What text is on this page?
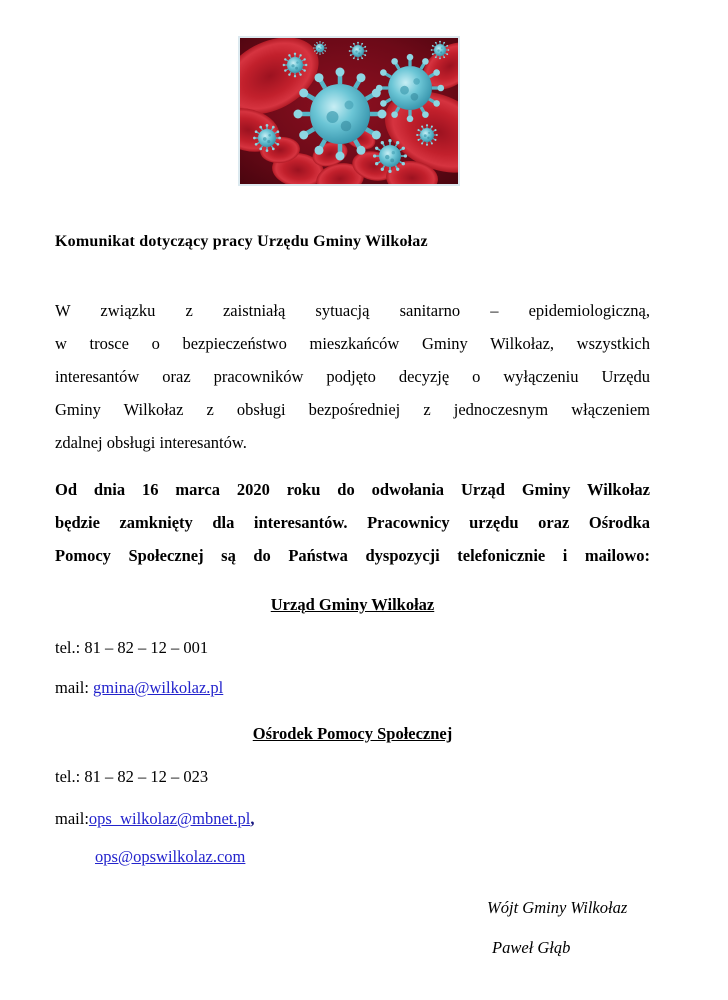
Komunikat dotyczący pracy Urzędu Gminy Wilkołaz
W związku z zaistniałą sytuacją sanitarno – epidemiologiczną,
w trosce o bezpieczeństwo mieszkańców Gminy Wilkołaz, wszystkich
interesantów oraz pracowników podjęto decyzję o wyłączeniu Urzędu
Gminy Wilkołaz z obsługi bezpośredniej z jednoczesnym włączeniem
zdalnej obsługi interesantów.
Od dnia 16 marca 2020 roku do odwołania Urząd Gminy Wilkołaz
będzie zamknięty dla interesantów. Pracownicy urzędu oraz Ośrodka
Pomocy Społecznej są do Państwa dyspozycji telefonicznie i mailowo:
Urząd Gminy Wilkołaz
tel.: 81 – 82 – 12 – 001
mail: gmina@wilkolaz.pl
Ośrodek Pomocy Społecznej
tel.: 81 – 82 – 12 – 023
mail:ops_wilkolaz@mbnet.pl,
ops@opswilkolaz.com
Wójt Gminy Wilkołaz
Paweł Głąb
